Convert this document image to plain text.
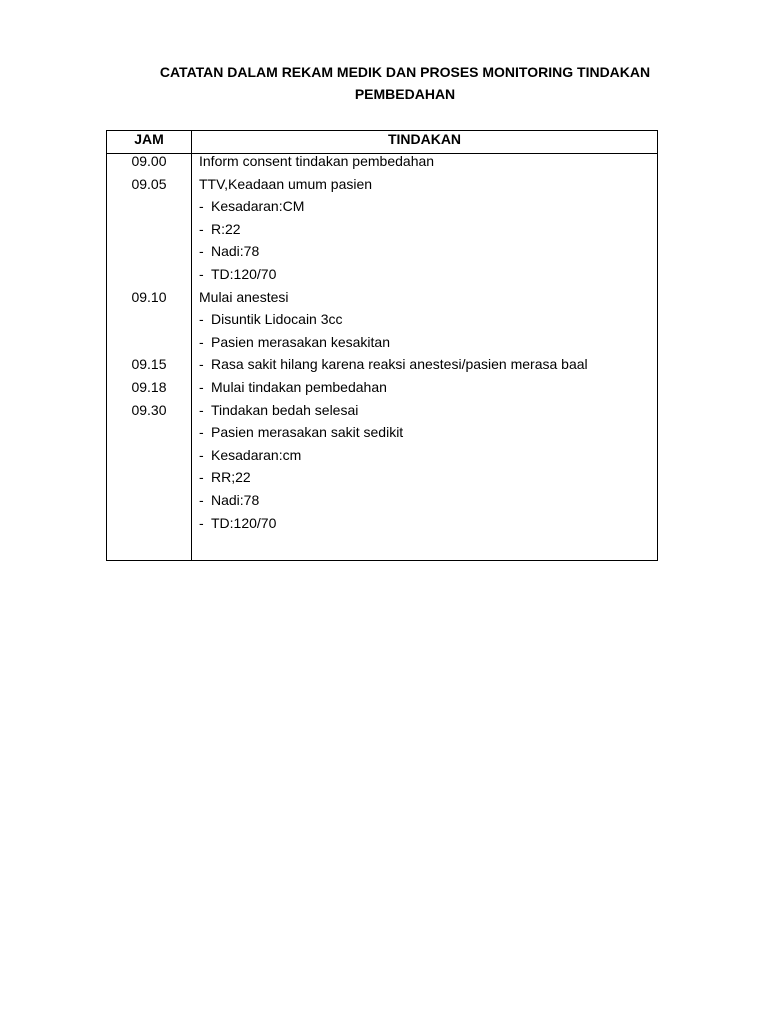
CATATAN DALAM REKAM MEDIK DAN PROSES MONITORING TINDAKAN
PEMBEDAHAN
JAM	TINDAKAN
09.00	Inform consent tindakan pembedahan
09.05	TTV,Keadaan umum pasien
- Kesadaran:CM
- R:22
- Nadi:78
- TD:120/70
09.10	Mulai anestesi
- Disuntik Lidocain 3cc
- Pasien merasakan kesakitan
09.15	- Rasa sakit hilang karena reaksi anestesi/pasien merasa baal
09.18	- Mulai tindakan pembedahan
09.30	- Tindakan bedah selesai
- Pasien merasakan sakit sedikit
- Kesadaran:cm
- RR;22
- Nadi:78
- TD:120/70
